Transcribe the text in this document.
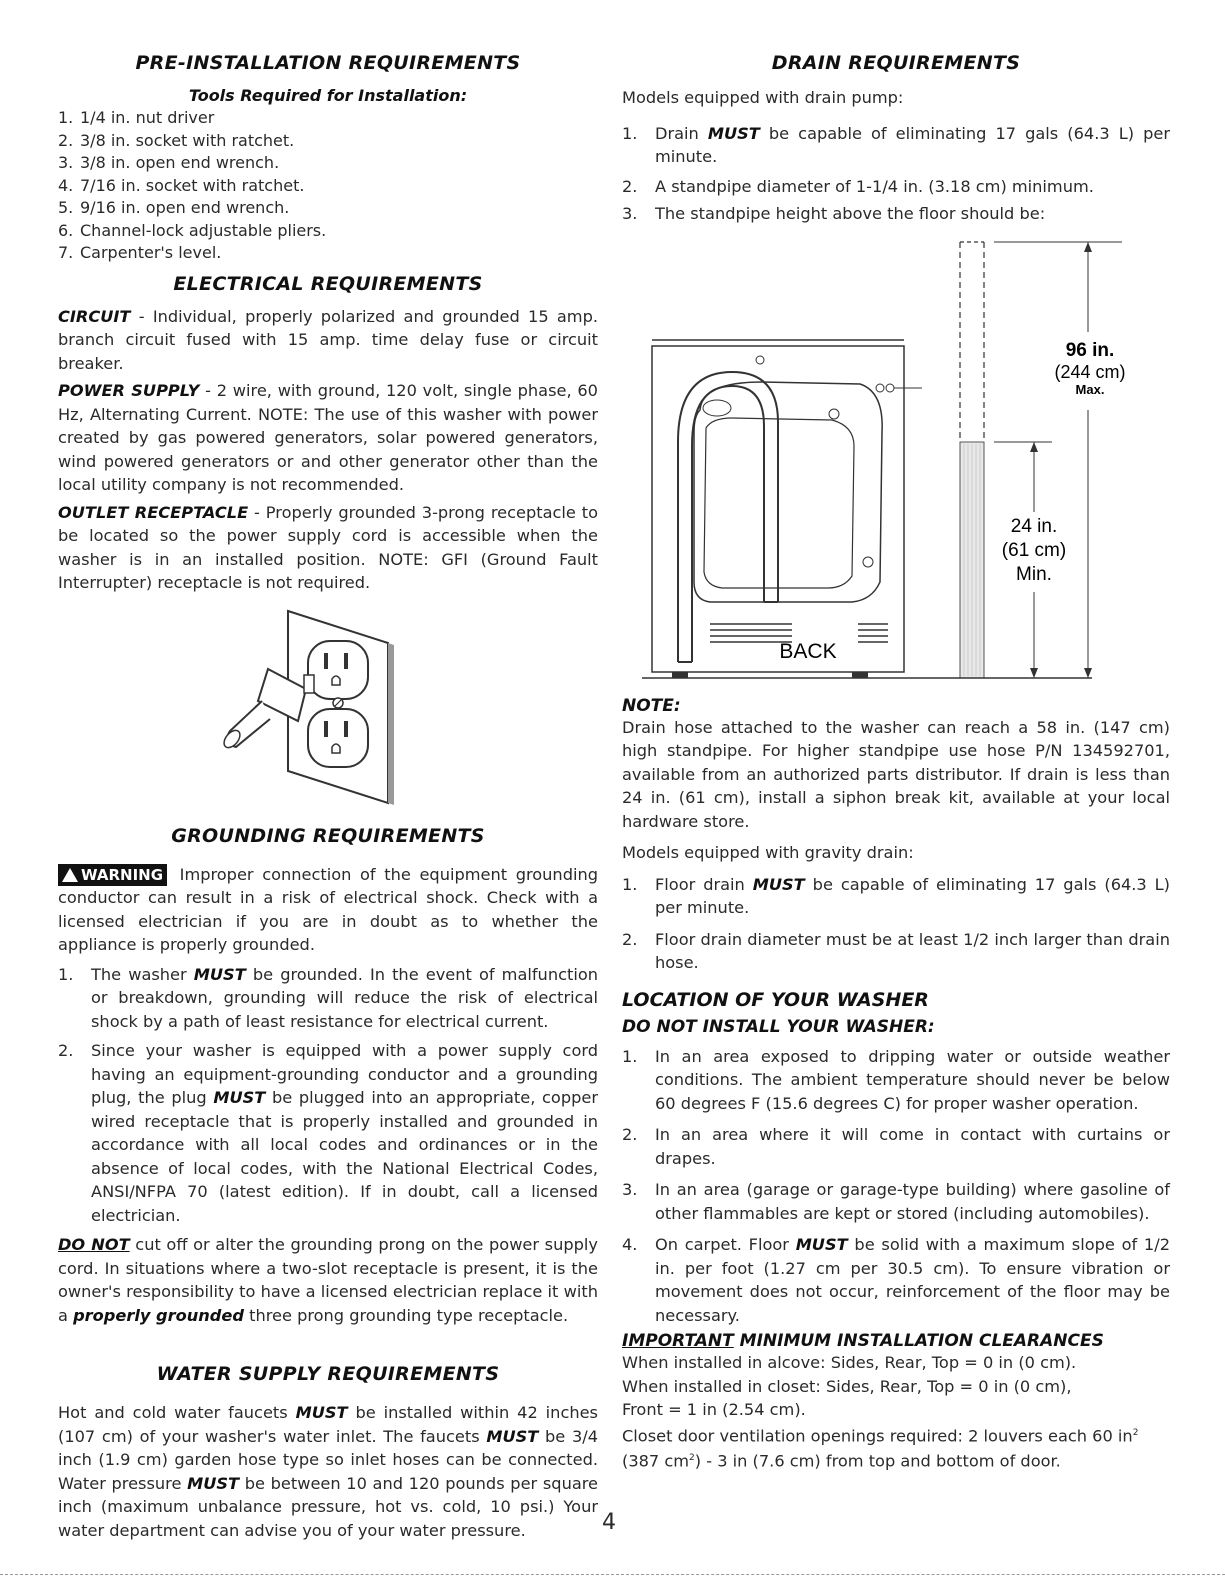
PRE-INSTALLATION REQUIREMENTS
Tools Required for Installation:
1. 1/4 in. nut driver
2. 3/8 in. socket with ratchet.
3. 3/8 in. open end wrench.
4. 7/16 in. socket with ratchet.
5. 9/16 in. open end wrench.
6. Channel-lock adjustable pliers.
7. Carpenter's level.
ELECTRICAL REQUIREMENTS

CIRCUIT - Individual, properly polarized and grounded 15 amp. branch circuit fused with 15 amp. time delay fuse or circuit breaker.

POWER SUPPLY - 2 wire, with ground, 120 volt, single phase, 60 Hz, Alternating Current. NOTE: The use of this washer with power created by gas powered generators, solar powered generators, wind powered generators or and other generator other than the local utility company is not recommended.

OUTLET RECEPTACLE - Properly grounded 3-prong receptacle to be located so the power supply cord is accessible when the washer is in an installed position. NOTE: GFI (Ground Fault Interrupter) receptacle is not required.

GROUNDING REQUIREMENTS

WARNING Improper connection of the equipment grounding conductor can result in a risk of electrical shock. Check with a licensed electrician if you are in doubt as to whether the appliance is properly grounded.

1.	The washer MUST be grounded. In the event of malfunction or breakdown, grounding will reduce the risk of electrical shock by a path of least resistance for electrical current.
2.	Since your washer is equipped with a power supply cord having an equipment-grounding conductor and a grounding plug, the plug MUST be plugged into an appropriate, copper wired receptacle that is properly installed and grounded in accordance with all local codes and ordinances or in the absence of local codes, with the National Electrical Codes, ANSI/NFPA 70 (latest edition). If in doubt, call a licensed electrician.

DO NOT cut off or alter the grounding prong on the power supply cord. In situations where a two-slot receptacle is present, it is the owner's responsibility to have a licensed electrician replace it with a properly grounded three prong grounding type receptacle.

WATER SUPPLY REQUIREMENTS

Hot and cold water faucets MUST be installed within 42 inches (107 cm) of your washer's water inlet. The faucets MUST be 3/4 inch (1.9 cm) garden hose type so inlet hoses can be connected. Water pressure MUST be between 10 and 120 pounds per square inch (maximum unbalance pressure, hot vs. cold, 10 psi.) Your water department can advise you of your water pressure.

DRAIN REQUIREMENTS

Models equipped with drain pump:

1.	Drain MUST be capable of eliminating 17 gals (64.3 L) per minute.
2.	A standpipe diameter of 1-1/4 in. (3.18 cm) minimum.
3.	The standpipe height above the floor should be:
96 in.
(244 cm)
Max.
24 in.
(61 cm)
Min.
BACK
NOTE:

Drain hose attached to the washer can reach a 58 in. (147 cm) high standpipe. For higher standpipe use hose P/N 134592701, available from an authorized parts distributor. If drain is less than 24 in. (61 cm), install a siphon break kit, available at your local hardware store.

Models equipped with gravity drain:

1.	Floor drain MUST be capable of eliminating 17 gals (64.3 L) per minute.
2.	Floor drain diameter must be at least 1/2 inch larger than drain hose.
LOCATION OF YOUR WASHER
DO NOT INSTALL YOUR WASHER:
1.	In an area exposed to dripping water or outside weather conditions. The ambient temperature should never be below 60 degrees F (15.6 degrees C) for proper washer operation.
2.	In an area where it will come in contact with curtains or drapes.
3.	In an area (garage or garage-type building) where gasoline of other flammables are kept or stored (including automobiles).
4.	On carpet. Floor MUST be solid with a maximum slope of 1/2 in. per foot (1.27 cm per 30.5 cm). To ensure vibration or movement does not occur, reinforcement of the floor may be necessary.
IMPORTANT MINIMUM INSTALLATION CLEARANCES

When installed in alcove: Sides, Rear, Top = 0 in (0 cm).

When installed in closet: Sides, Rear, Top = 0 in (0 cm),

Front = 1 in (2.54 cm).

Closet door ventilation openings required: 2 louvers each 60 $in^2$
(387 $cm^2) - 3$ in (7.6 cm) from top and bottom of door.

4
